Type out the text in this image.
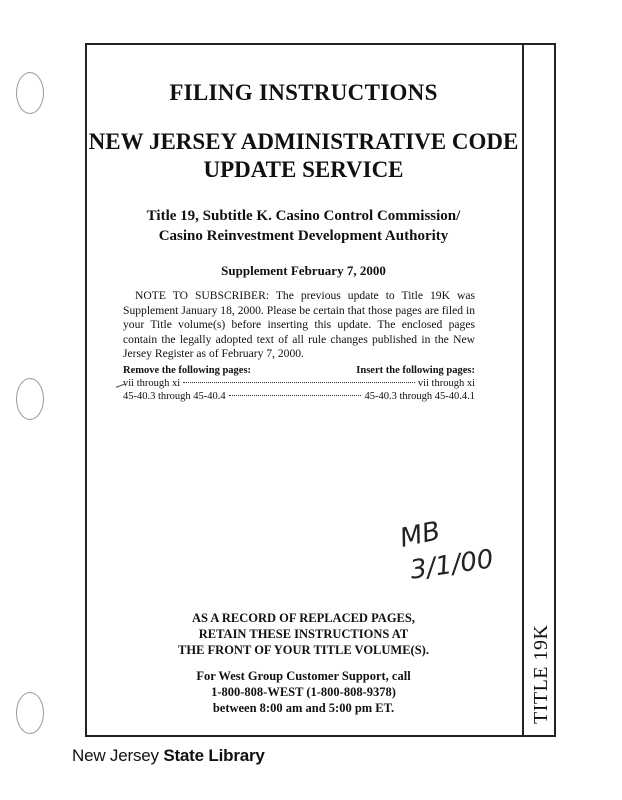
TITLE 19K
FILING INSTRUCTIONS
NEW JERSEY ADMINISTRATIVE CODE
UPDATE SERVICE
Title 19, Subtitle K. Casino Control Commission/
Casino Reinvestment Development Authority
Supplement February 7, 2000
NOTE TO SUBSCRIBER: The previous update to Title 19K was Supplement January 18, 2000. Please be certain that those pages are filed in your Title volume(s) before inserting this update. The enclosed pages contain the legally adopted text of all rule changes published in the New Jersey Register as of February 7, 2000.
Remove the following pages:	Insert the following pages:
vii through xi	vii through xi
45-40.3 through 45-40.4	45-40.3 through 45-40.4.1
MB
3/1/00
AS A RECORD OF REPLACED PAGES,
RETAIN THESE INSTRUCTIONS AT
THE FRONT OF YOUR TITLE VOLUME(S).
For West Group Customer Support, call
1-800-808-WEST (1-800-808-9378)
between 8:00 am and 5:00 pm ET.
New Jersey State Library
